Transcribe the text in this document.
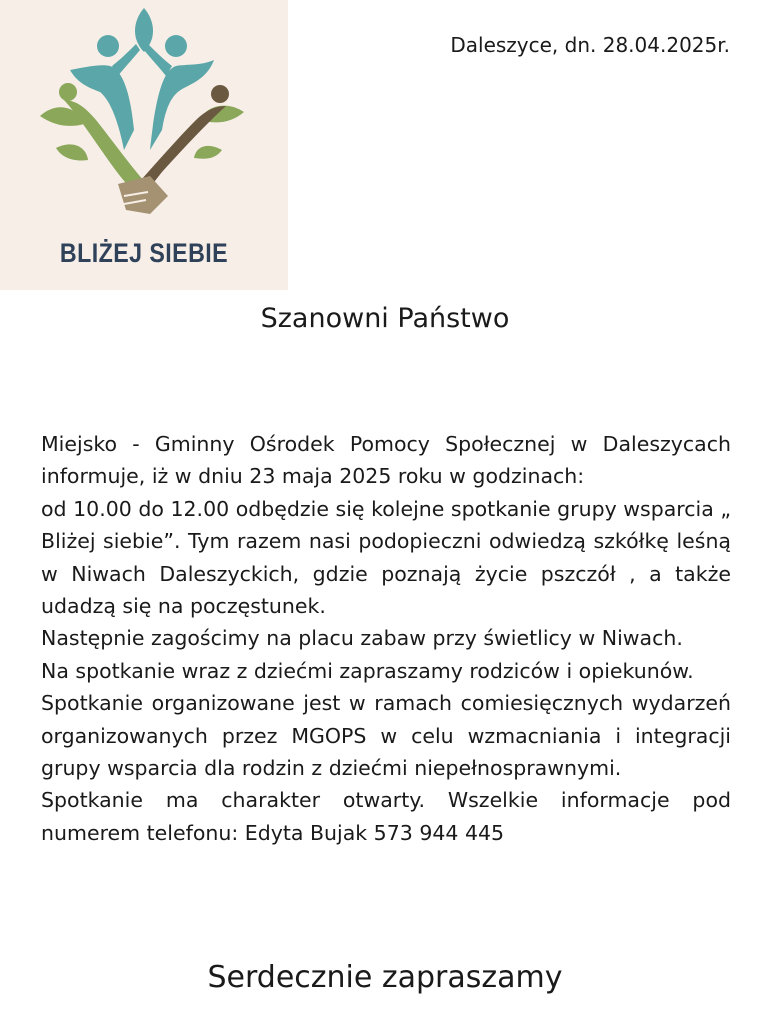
BLIŻEJ SIEBIE
Daleszyce, dn. 28.04.2025r.
Szanowni Państwo

Miejsko - Gminny Ośrodek Pomocy Społecznej w Daleszycach informuje, iż w dniu 23 maja 2025 roku w godzinach:

od 10.00 do 12.00 odbędzie się kolejne spotkanie grupy wsparcia „ Bliżej siebie”. Tym razem nasi podopieczni odwiedzą szkółkę leśną w Niwach Daleszyckich, gdzie poznają życie pszczół , a także udadzą się na poczęstunek.

Następnie zagościmy na placu zabaw przy świetlicy w Niwach.

Na spotkanie wraz z dziećmi zapraszamy rodziców i opiekunów.

Spotkanie organizowane jest w ramach comiesięcznych wydarzeń organizowanych przez MGOPS w celu wzmacniania i integracji grupy wsparcia dla rodzin z dziećmi niepełnosprawnymi.

Spotkanie ma charakter otwarty. Wszelkie informacje pod numerem telefonu: Edyta Bujak 573 944 445

Serdecznie zapraszamy
